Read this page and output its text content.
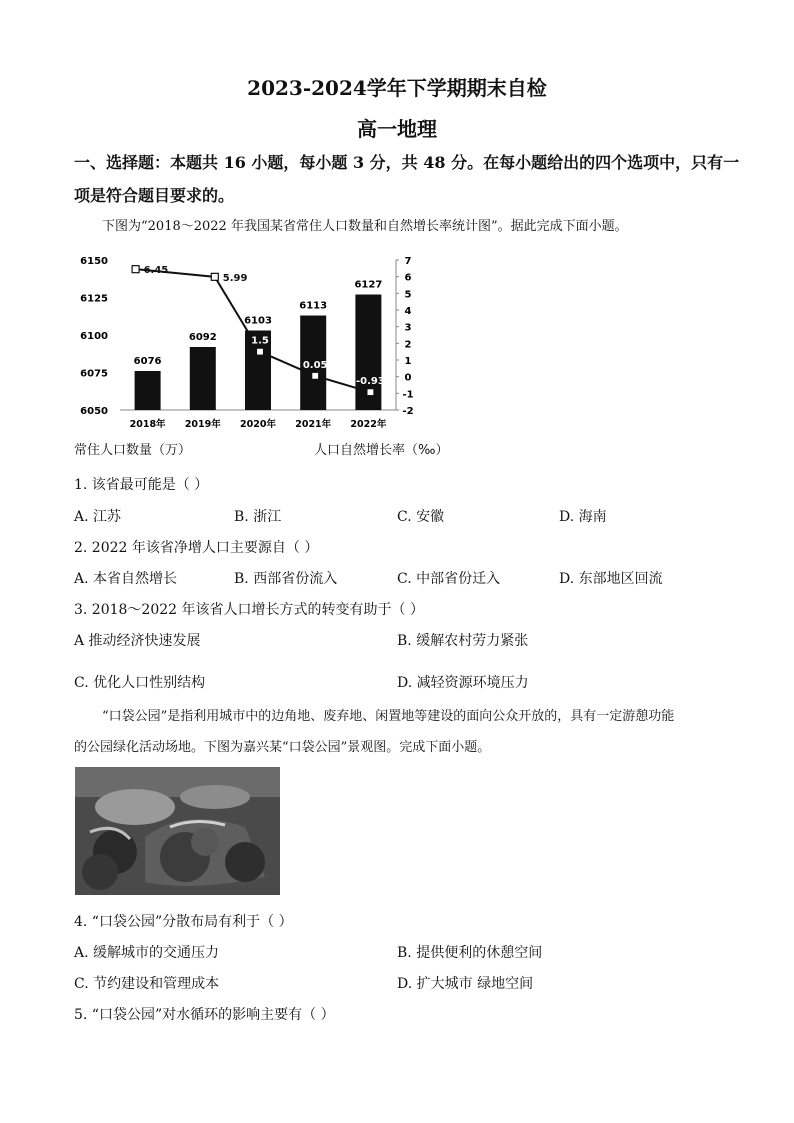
2023-2024学年下学期期末自检
高一地理
一、选择题：本题共 16 小题，每小题 3 分，共 48 分。在每小题给出的四个选项中，只有一
项是符合题目要求的。
下图为“2018～2022 年我国某省常住人口数量和自然增长率统计图”。据此完成下面小题。
6150
6125
6100
6075
6050
7
6
5
4
3
2
1
0
-1
-2
6076
6092
6103
6113
6127
2018年 2019年 2020年 2021年 2022年
6.45
5.99
1.5
0.05
-0.93
常住人口数量（万）	人口自然增长率（‰）
1. 该省最可能是（ ）
A. 江苏	B. 浙江	C. 安徽	D. 海南
2. 2022 年该省净增人口主要源自（ ）
A. 本省自然增长	B. 西部省份流入	C. 中部省份迁入	D. 东部地区回流
3. 2018～2022 年该省人口增长方式的转变有助于（ ）
A 推动经济快速发展	B. 缓解农村劳力紧张
C. 优化人口性别结构	D. 减轻资源环境压力
“口袋公园”是指利用城市中的边角地、废弃地、闲置地等建设的面向公众开放的，具有一定游憩功能
的公园绿化活动场地。下图为嘉兴某“口袋公园”景观图。完成下面小题。
4. “口袋公园”分散布局有利于（ ）
A. 缓解城市的交通压力	B. 提供便利的休憩空间
C. 节约建设和管理成本	D. 扩大城市 绿地空间
5. “口袋公园”对水循环的影响主要有（ ）
